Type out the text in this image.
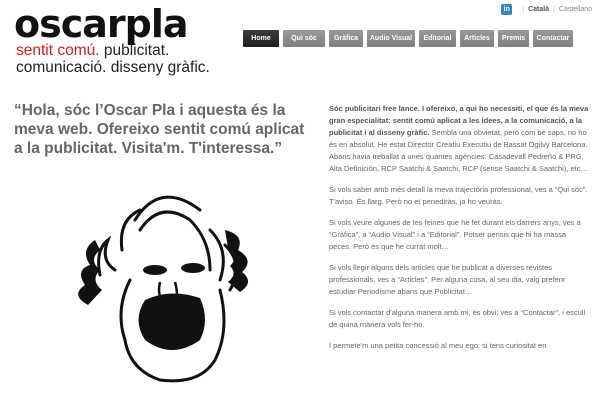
oscarpla
sentit comú. publicitat.
comunicació. disseny gràfic.
in | Català | Castellano
Home	Qui sóc	Gràfica	Audio Visual	Editorial	Articles	Premis	Contactar
“Hola, sóc l’Oscar Pla i aquesta és la meva web. Ofereixo sentit comú aplicat a la publicitat. Visita'm. T'interessa.”

Sóc publicitari free lance. I ofereixo, a qui ho necessiti, el que és la meva gran especialitat: sentit comú aplicat a les idees, a la comunicació, a la publicitat i al disseny gràfic. Sembla una obvietat, però com bé saps, no ho és en absolut. He estat Director Creatiu Executiu de Bassat Ogilvy Barcelona. Abans havia treballat a unes quantes agències: Casadevall Pedreño & PRG, Alta Definición, RCP Saatchi & Saatchi, RCP (sense Saatchi & Saatchi), etc…

Si vols saber amb més detall la meva trajectòria professional, ves a “Qui sóc”. T'aviso. És llarg. Però no et penediràs, ja ho veuràs.

Si vols veure algunes de les feines que he fet durant els darrers anys, ves a “Gràfica”, a “Audio Visual” i a “Editorial”. Potser pensis que hi ha massa peces. Però és que he currat molt…

Si vols llegir alguns dels articles que he publicat a diverses revistes professionals, ves a “Articles”. Per alguna cosa, al seu dia, vaig preferir estudiar Periodisme abans que Publicitat…

Si vols contactar d'alguna manera amb mi, és obvi: ves a “Contactar”, i escull de quina manera vols fer-ho.

I permete'm una petita concessió al meu ego: si tens curiositat en
